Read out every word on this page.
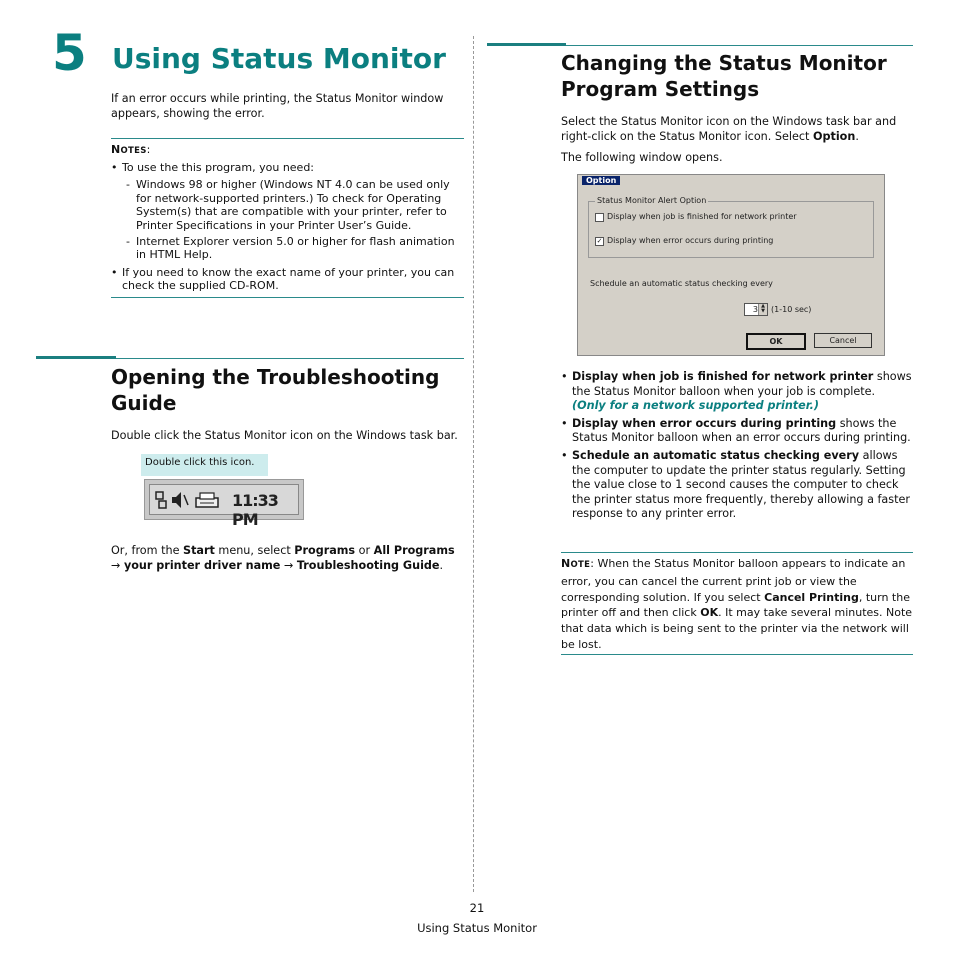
5 Using Status Monitor

If an error occurs while printing, the Status Monitor window appears, showing the error.

NOTES:
• To use the this program, you need:
- Windows 98 or higher (Windows NT 4.0 can be used only for network-supported printers.) To check for Operating System(s) that are compatible with your printer, refer to Printer Specifications in your Printer User’s Guide.
- Internet Explorer version 5.0 or higher for flash animation in HTML Help.
• If you need to know the exact name of your printer, you can check the supplied CD-ROM.
Opening the Troubleshooting Guide

Double click the Status Monitor icon on the Windows task bar.

Double click this icon.
11:33 PM

Or, from the Start menu, select Programs or All Programs
→ your printer driver name → Troubleshooting Guide.

Changing the Status Monitor Program Settings

Select the Status Monitor icon on the Windows task bar and right-click on the Status Monitor icon. Select Option.

The following window opens.

Option
Status Monitor Alert Option
Display when job is finished for network printer
✓ Display when error occurs during printing
Schedule an automatic status checking every
3 ▲
▼ (1-10 sec)
OK	Cancel
• Display when job is finished for network printer shows the Status Monitor balloon when your job is complete.
(Only for a network supported printer.)
• Display when error occurs during printing shows the Status Monitor balloon when an error occurs during printing.
• Schedule an automatic status checking every allows the computer to update the printer status regularly. Setting the value close to 1 second causes the computer to check the printer status more frequently, thereby allowing a faster response to any printer error.

NOTE: When the Status Monitor balloon appears to indicate an error, you can cancel the current print job or view the corresponding solution. If you select Cancel Printing, turn the printer off and then click OK. It may take several minutes. Note that data which is being sent to the printer via the network will be lost.

21
Using Status Monitor
